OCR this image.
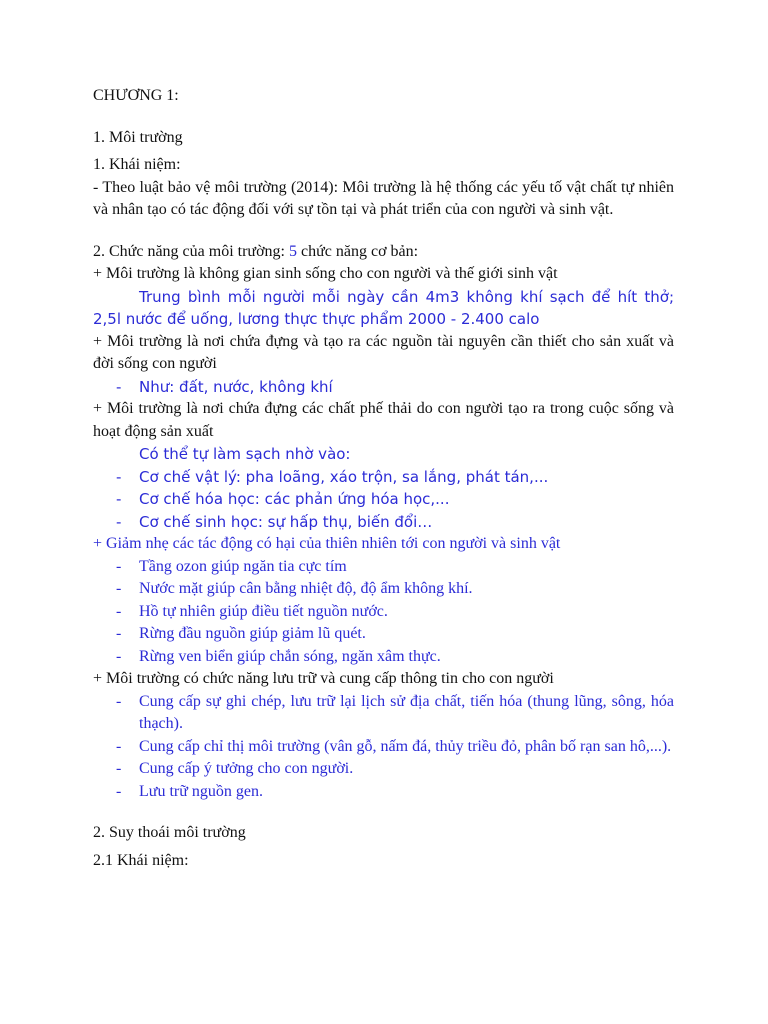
CHƯƠNG 1:

1. Môi trường

1. Khái niệm:

- Theo luật bảo vệ môi trường (2014): Môi trường là hệ thống các yếu tố vật chất tự nhiên và nhân tạo có tác động đối với sự tồn tại và phát triển của con người và sinh vật.

2. Chức năng của môi trường: 5 chức năng cơ bản:

+ Môi trường là không gian sinh sống cho con người và thế giới sinh vật

Trung bình mỗi người mỗi ngày cần 4m3 không khí sạch để hít thở; 2,5l nước để uống, lương thực thực phẩm 2000 - 2.400 calo

+ Môi trường là nơi chứa đựng và tạo ra các nguồn tài nguyên cần thiết cho sản xuất và đời sống con người

- Như: đất, nước, không khí

+ Môi trường là nơi chứa đựng các chất phế thải do con người tạo ra trong cuộc sống và hoạt động sản xuất

Có thể tự làm sạch nhờ vào:

- Cơ chế vật lý: pha loãng, xáo trộn, sa lắng, phát tán,...
- Cơ chế hóa học: các phản ứng hóa học,...
- Cơ chế sinh học: sự hấp thụ, biến đổi…

+ Giảm nhẹ các tác động có hại của thiên nhiên tới con người và sinh vật

- Tầng ozon giúp ngăn tia cực tím
- Nước mặt giúp cân bằng nhiệt độ, độ ẩm không khí.
- Hồ tự nhiên giúp điều tiết nguồn nước.
- Rừng đầu nguồn giúp giảm lũ quét.
- Rừng ven biển giúp chắn sóng, ngăn xâm thực.

+ Môi trường có chức năng lưu trữ và cung cấp thông tin cho con người

- Cung cấp sự ghi chép, lưu trữ lại lịch sử địa chất, tiến hóa (thung lũng, sông, hóa thạch).
- Cung cấp chỉ thị môi trường (vân gỗ, nấm đá, thủy triều đỏ, phân bố rạn san hô,...).
- Cung cấp ý tưởng cho con người.
- Lưu trữ nguồn gen.

2. Suy thoái môi trường

2.1 Khái niệm:
